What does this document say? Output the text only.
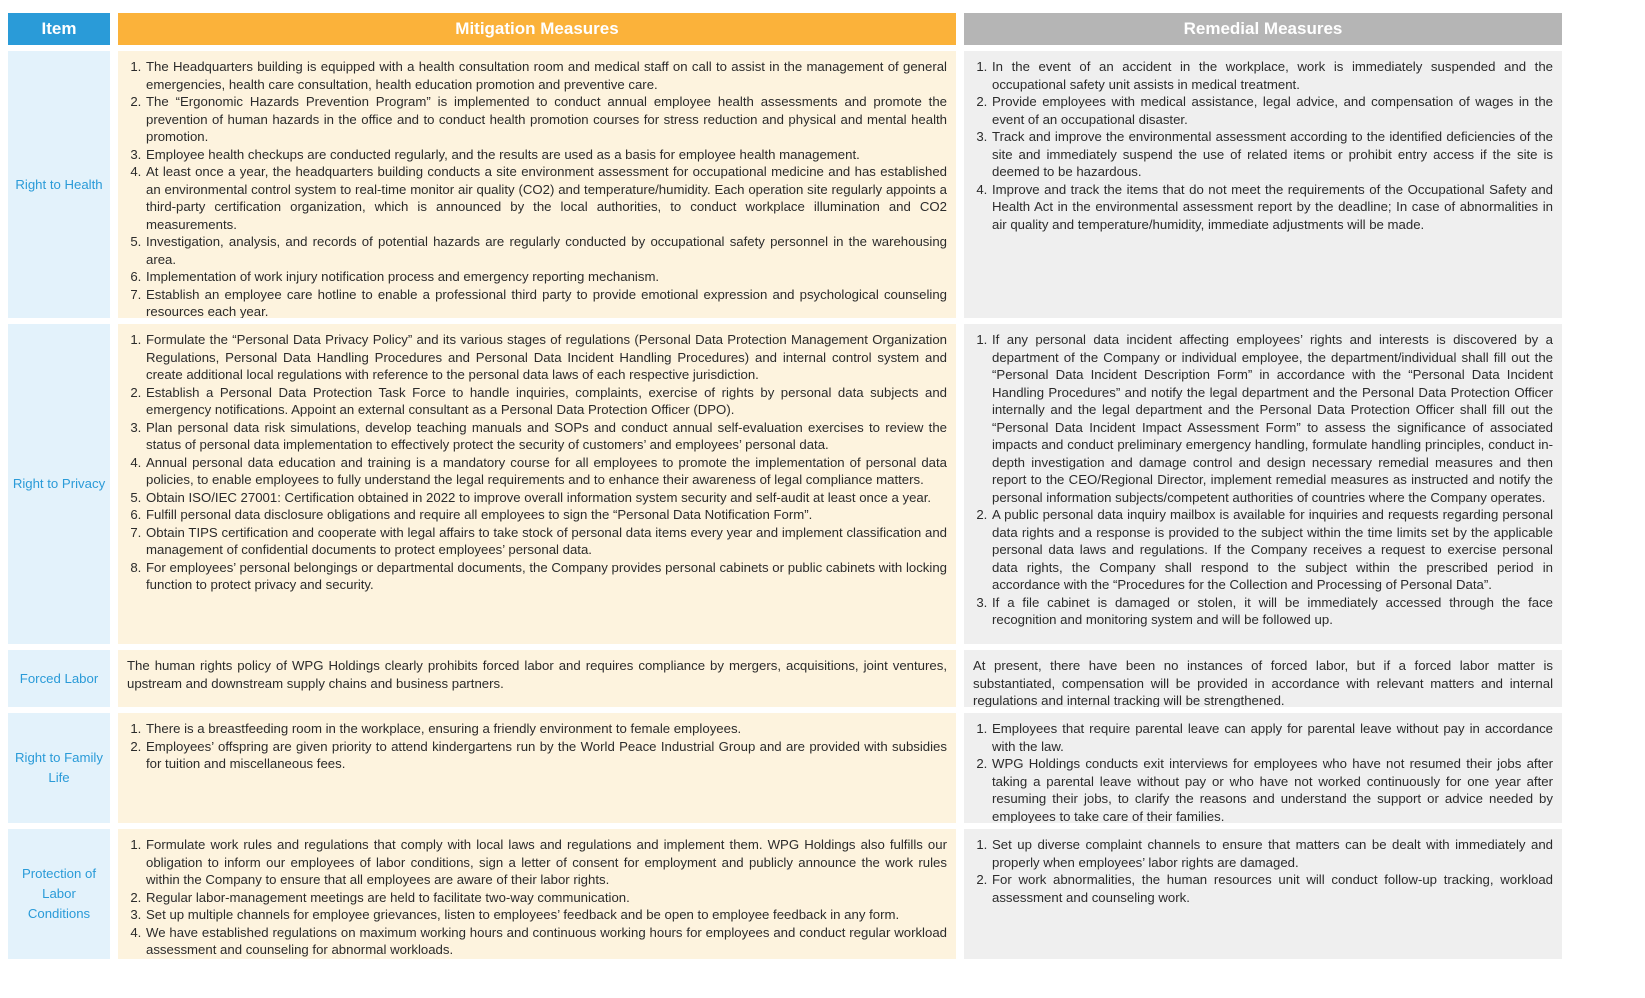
Item	Mitigation Measures	Remedial Measures
Right to Health
1. The Headquarters building is equipped with a health consultation room and medical staff on call to assist in the management of general emergencies, health care consultation, health education promotion and preventive care.
2. The “Ergonomic Hazards Prevention Program” is implemented to conduct annual employee health assessments and promote the prevention of human hazards in the office and to conduct health promotion courses for stress reduction and physical and mental health promotion.
3. Employee health checkups are conducted regularly, and the results are used as a basis for employee health management.
4. At least once a year, the headquarters building conducts a site environment assessment for occupational medicine and has established an environmental control system to real-time monitor air quality (CO2) and temperature/humidity. Each operation site regularly appoints a third-party certification organization, which is announced by the local authorities, to conduct workplace illumination and CO2 measurements.
5. Investigation, analysis, and records of potential hazards are regularly conducted by occupational safety personnel in the warehousing area.
6. Implementation of work injury notification process and emergency reporting mechanism.
7. Establish an employee care hotline to enable a professional third party to provide emotional expression and psychological counseling resources each year.
1. In the event of an accident in the workplace, work is immediately suspended and the occupational safety unit assists in medical treatment.
2. Provide employees with medical assistance, legal advice, and compensation of wages in the event of an occupational disaster.
3. Track and improve the environmental assessment according to the identified deficiencies of the site and immediately suspend the use of related items or prohibit entry access if the site is deemed to be hazardous.
4. Improve and track the items that do not meet the requirements of the Occupational Safety and Health Act in the environmental assessment report by the deadline; In case of abnormalities in air quality and temperature/humidity, immediate adjustments will be made.
Right to Privacy
1. Formulate the “Personal Data Privacy Policy” and its various stages of regulations (Personal Data Protection Management Organization Regulations, Personal Data Handling Procedures and Personal Data Incident Handling Procedures) and internal control system and create additional local regulations with reference to the personal data laws of each respective jurisdiction.
2. Establish a Personal Data Protection Task Force to handle inquiries, complaints, exercise of rights by personal data subjects and emergency notifications. Appoint an external consultant as a Personal Data Protection Officer (DPO).
3. Plan personal data risk simulations, develop teaching manuals and SOPs and conduct annual self-evaluation exercises to review the status of personal data implementation to effectively protect the security of customers’ and employees’ personal data.
4. Annual personal data education and training is a mandatory course for all employees to promote the implementation of personal data policies, to enable employees to fully understand the legal requirements and to enhance their awareness of legal compliance matters.
5. Obtain ISO/IEC 27001: Certification obtained in 2022 to improve overall information system security and self-audit at least once a year.
6. Fulfill personal data disclosure obligations and require all employees to sign the “Personal Data Notification Form”.
7. Obtain TIPS certification and cooperate with legal affairs to take stock of personal data items every year and implement classification and management of confidential documents to protect employees’ personal data.
8. For employees’ personal belongings or departmental documents, the Company provides personal cabinets or public cabinets with locking function to protect privacy and security.
1. If any personal data incident affecting employees’ rights and interests is discovered by a department of the Company or individual employee, the department/individual shall fill out the “Personal Data Incident Description Form” in accordance with the “Personal Data Incident Handling Procedures” and notify the legal department and the Personal Data Protection Officer internally and the legal department and the Personal Data Protection Officer shall fill out the “Personal Data Incident Impact Assessment Form” to assess the significance of associated impacts and conduct preliminary emergency handling, formulate handling principles, conduct in-depth investigation and damage control and design necessary remedial measures and then report to the CEO/Regional Director, implement remedial measures as instructed and notify the personal information subjects/competent authorities of countries where the Company operates.
2. A public personal data inquiry mailbox is available for inquiries and requests regarding personal data rights and a response is provided to the subject within the time limits set by the applicable personal data laws and regulations. If the Company receives a request to exercise personal data rights, the Company shall respond to the subject within the prescribed period in accordance with the “Procedures for the Collection and Processing of Personal Data”.
3. If a file cabinet is damaged or stolen, it will be immediately accessed through the face recognition and monitoring system and will be followed up.
Forced Labor

The human rights policy of WPG Holdings clearly prohibits forced labor and requires compliance by mergers, acquisitions, joint ventures, upstream and downstream supply chains and business partners.

At present, there have been no instances of forced labor, but if a forced labor matter is substantiated, compensation will be provided in accordance with relevant matters and internal regulations and internal tracking will be strengthened.

Right to Family Life
1. There is a breastfeeding room in the workplace, ensuring a friendly environment to female employees.
2. Employees’ offspring are given priority to attend kindergartens run by the World Peace Industrial Group and are provided with subsidies for tuition and miscellaneous fees.
1. Employees that require parental leave can apply for parental leave without pay in accordance with the law.
2. WPG Holdings conducts exit interviews for employees who have not resumed their jobs after taking a parental leave without pay or who have not worked continuously for one year after resuming their jobs, to clarify the reasons and understand the support or advice needed by employees to take care of their families.
Protection of Labor Conditions
1. Formulate work rules and regulations that comply with local laws and regulations and implement them. WPG Holdings also fulfills our obligation to inform our employees of labor conditions, sign a letter of consent for employment and publicly announce the work rules within the Company to ensure that all employees are aware of their labor rights.
2. Regular labor-management meetings are held to facilitate two-way communication.
3. Set up multiple channels for employee grievances, listen to employees’ feedback and be open to employee feedback in any form.
4. We have established regulations on maximum working hours and continuous working hours for employees and conduct regular workload assessment and counseling for abnormal workloads.
1. Set up diverse complaint channels to ensure that matters can be dealt with immediately and properly when employees’ labor rights are damaged.
2. For work abnormalities, the human resources unit will conduct follow-up tracking, workload assessment and counseling work.
